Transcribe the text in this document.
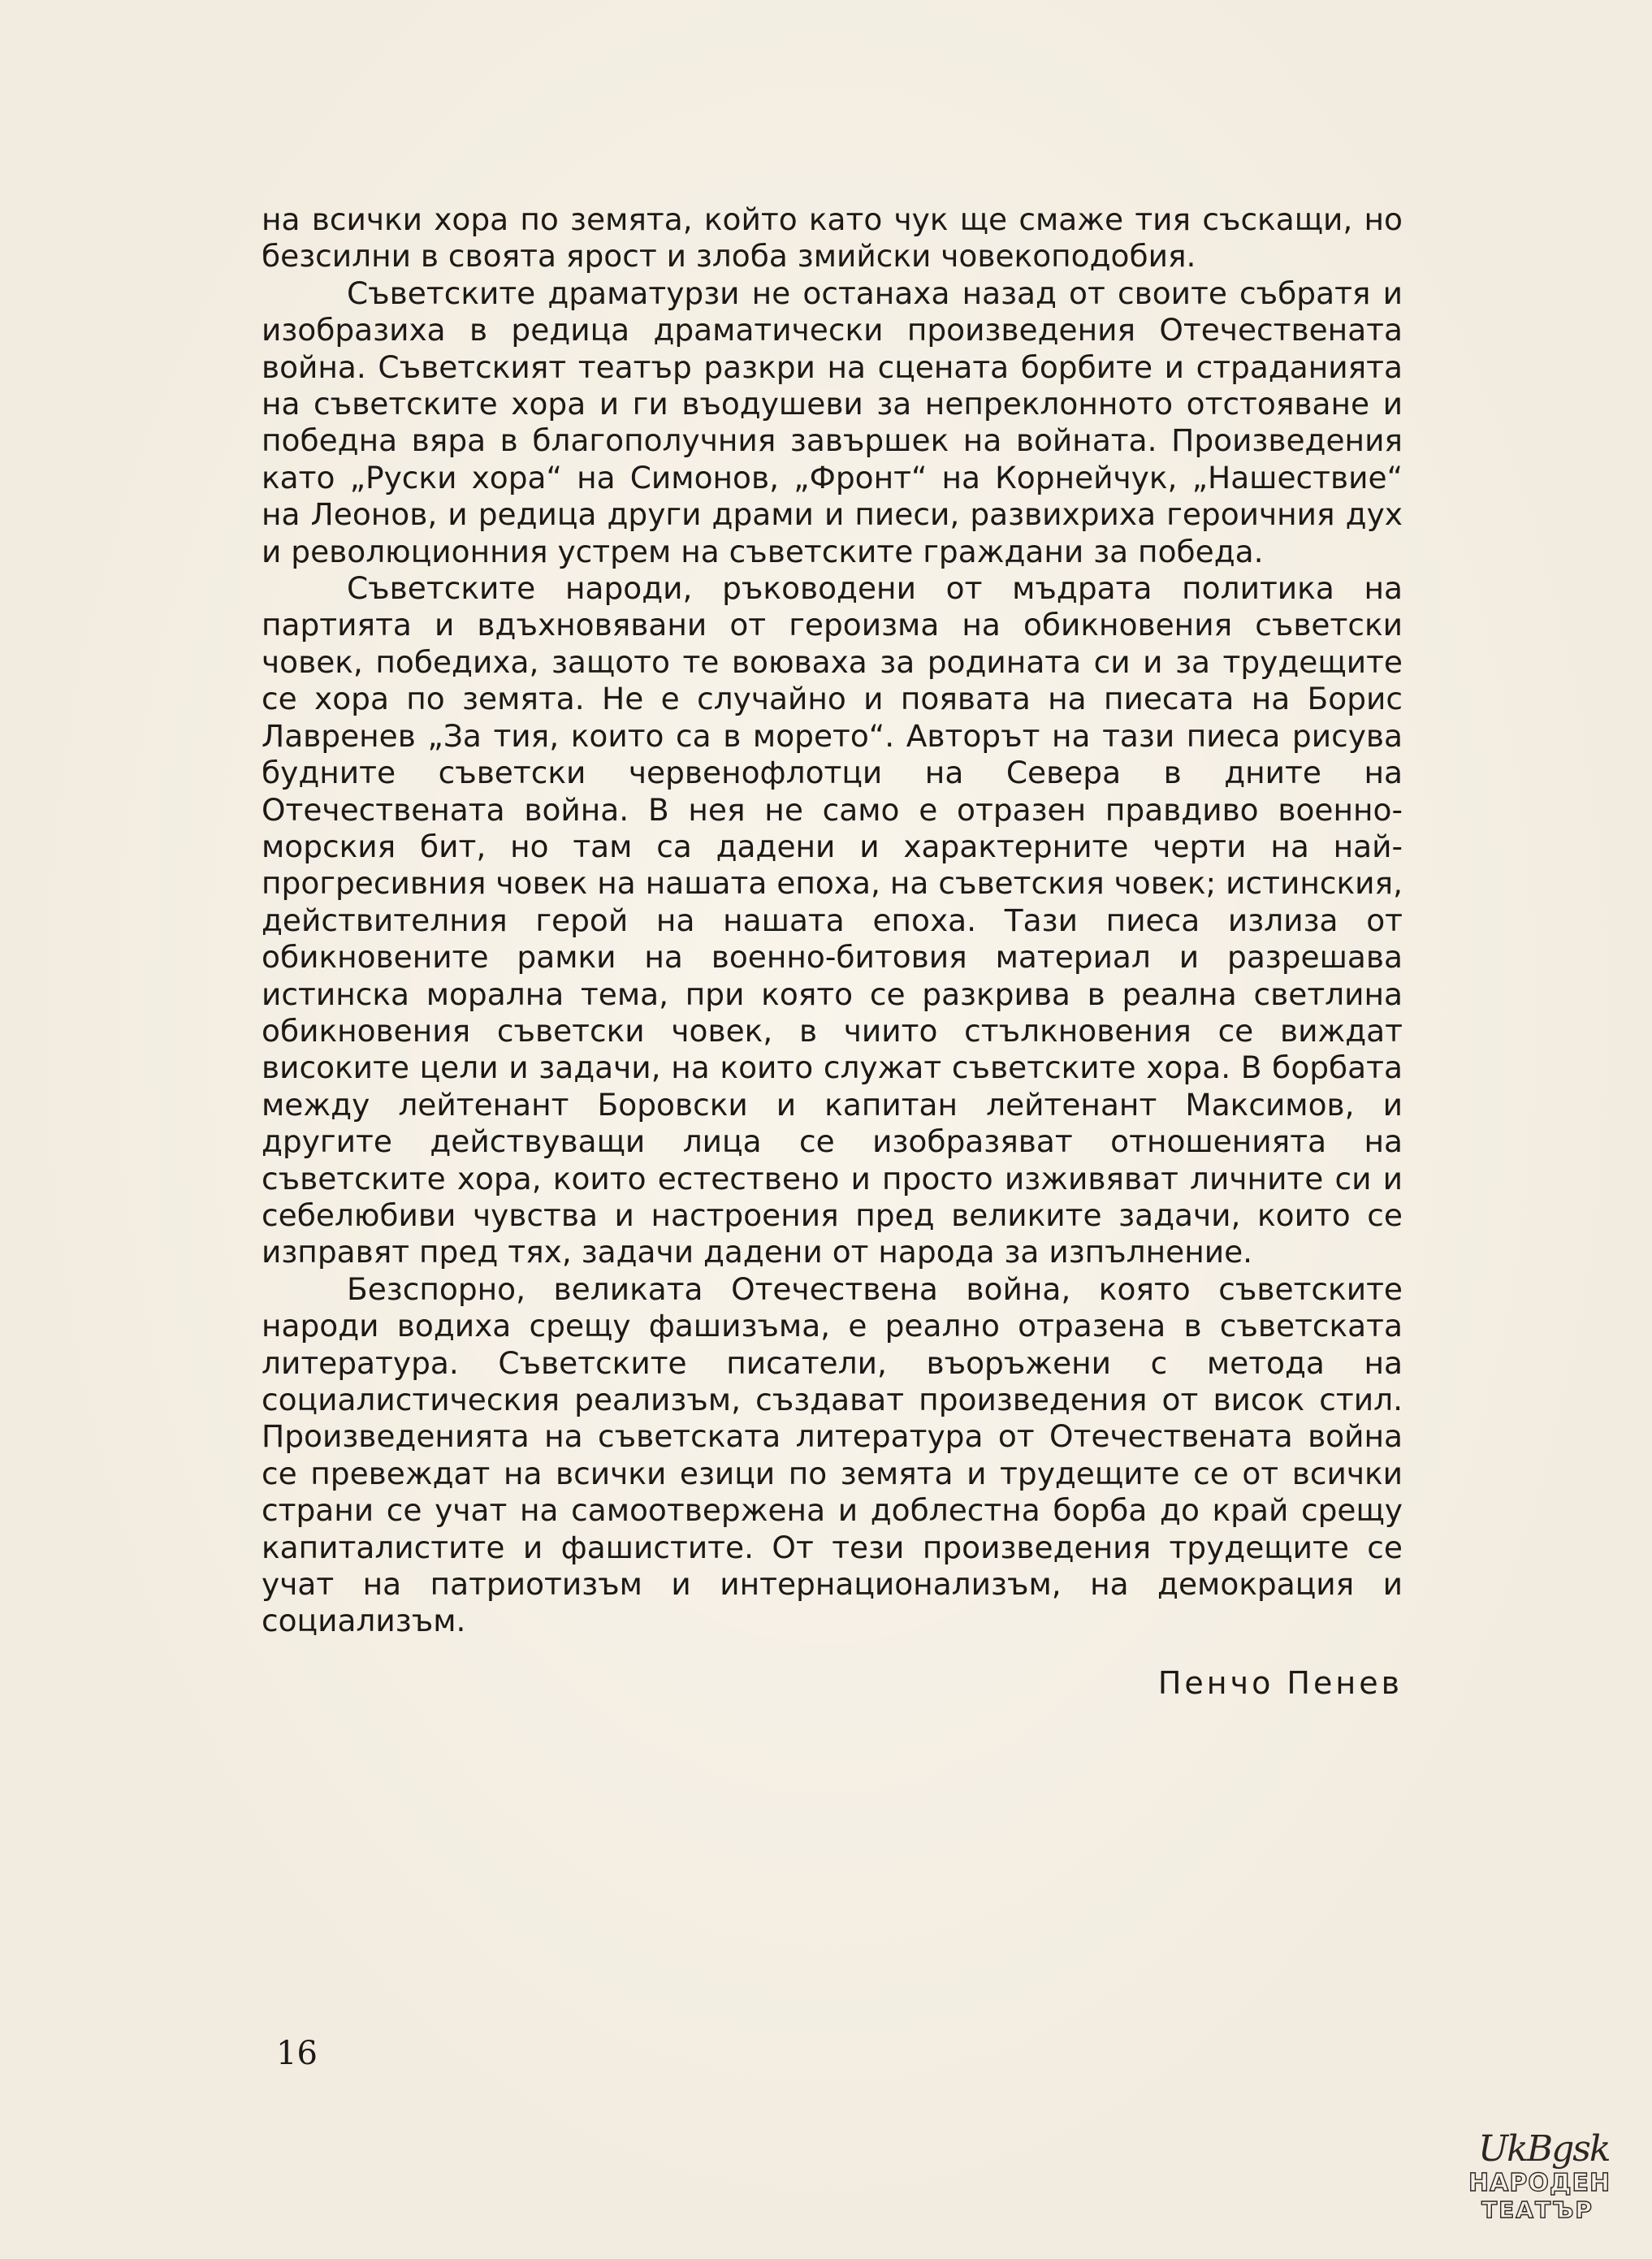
на всички хора по земята, който като чук ще смаже тия съскащи, но безсилни в своята ярост и злоба змийски човекоподобия.

Съветските драматурзи не останаха назад от своите събратя и изобразиха в редица драматически произведения Отечествената война. Съветският театър разкри на сцената борбите и страданията на съветските хора и ги въодушеви за непреклонното отстояване и победна вяра в благополучния завършек на войната. Произведения като „Руски хора“ на Симонов, „Фронт“ на Корнейчук, „Нашествие“ на Леонов, и редица други драми и пиеси, развихриха героичния дух и революционния устрем на съветските граждани за победа.

Съветските народи, ръководени от мъдрата политика на партията и вдъхновявани от героизма на обикновения съветски човек, победиха, защото те воюваха за родината си и за трудещите се хора по земята. Не е случайно и появата на пиесата на Борис Лавренев „За тия, които са в морето“. Авторът на тази пиеса рисува будните съветски червенофлотци на Севера в дните на Отечествената война. В нея не само е отразен правдиво военно-морския бит, но там са дадени и характерните черти на най-прогресивния човек на нашата епоха, на съветския човек; истинския, действителния герой на нашата епоха. Тази пиеса излиза от обикновените рамки на военно-битовия материал и разрешава истинска морална тема, при която се разкрива в реална светлина обикновения съветски човек, в чиито стълкновения се виждат високите цели и задачи, на които служат съветските хора. В борбата между лейтенант Боровски и капитан лейтенант Максимов, и другите действуващи лица се изобразяват отношенията на съветските хора, които естествено и просто изживяват личните си и себелюбиви чувства и настроения пред великите задачи, които се изправят пред тях, задачи дадени от народа за изпълнение.

Безспорно, великата Отечествена война, която съветските народи водиха срещу фашизъма, е реално отразена в съветската литература. Съветските писатели, въоръжени с метода на социалистическия реализъм, създават произведения от висок стил. Произведенията на съветската литература от Отечествената война се превеждат на всички езици по земята и трудещите се от всички страни се учат на самоотвержена и доблестна борба до край срещу капиталистите и фашистите. От тези произведения трудещите се учат на патриотизъм и интернационализъм, на демокрация и социализъм.

Пенчо Пенев
16
UkBgsk
НАРОДЕН
ТЕАТЪР
